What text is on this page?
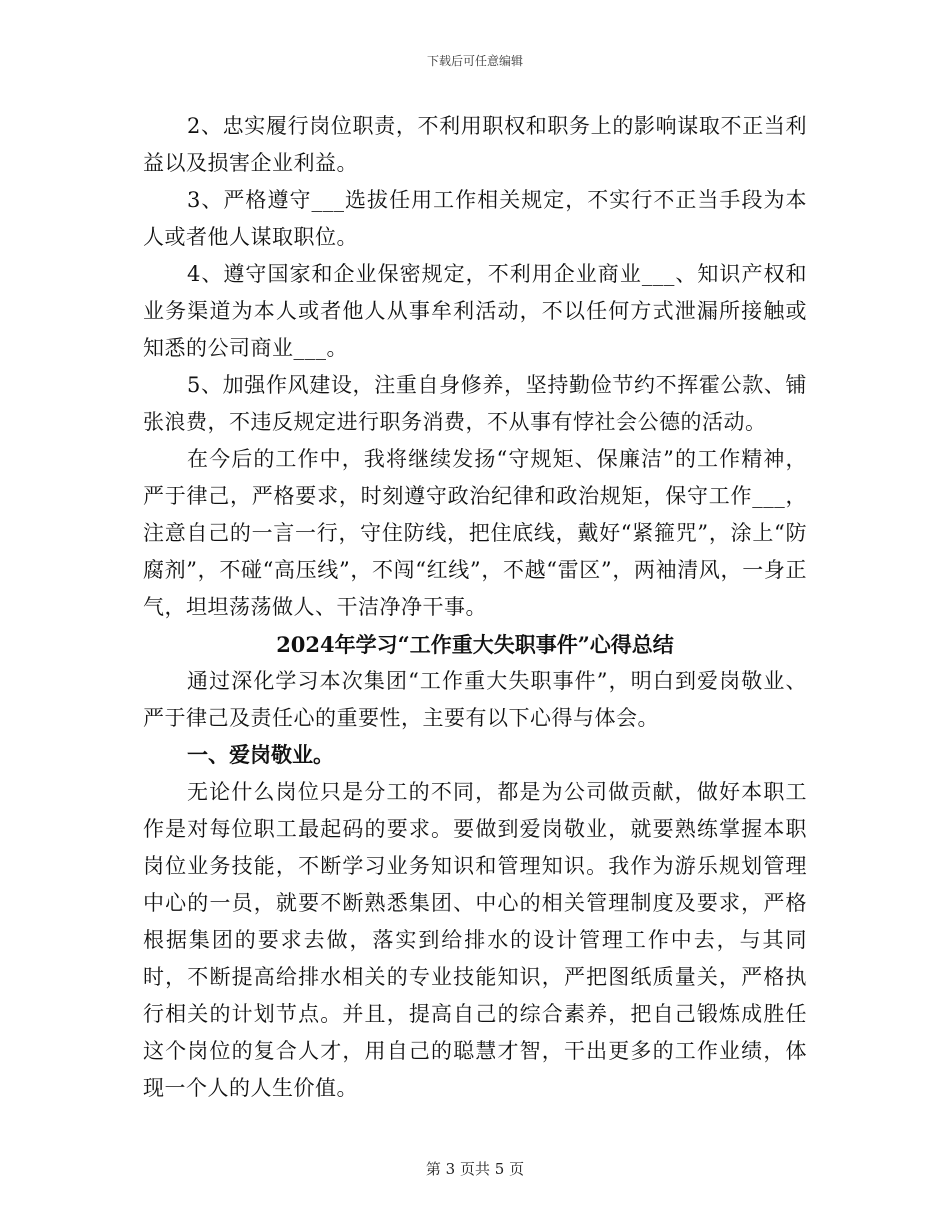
下载后可任意编辑

2、忠实履行岗位职责，不利用职权和职务上的影响谋取不正当利益以及损害企业利益。

3、严格遵守___选拔任用工作相关规定，不实行不正当手段为本人或者他人谋取职位。

4、遵守国家和企业保密规定，不利用企业商业___、知识产权和业务渠道为本人或者他人从事牟利活动，不以任何方式泄漏所接触或知悉的公司商业___。

5、加强作风建设，注重自身修养，坚持勤俭节约不挥霍公款、铺张浪费，不违反规定进行职务消费，不从事有悖社会公德的活动。

在今后的工作中，我将继续发扬“守规矩、保廉洁”的工作精神，严于律己，严格要求，时刻遵守政治纪律和政治规矩，保守工作___，注意自己的一言一行，守住防线，把住底线，戴好“紧箍咒”，涂上“防腐剂”，不碰“高压线”，不闯“红线”，不越“雷区”，两袖清风，一身正气，坦坦荡荡做人、干洁净净干事。

2024年学习“工作重大失职事件”心得总结

通过深化学习本次集团“工作重大失职事件”，明白到爱岗敬业、严于律己及责任心的重要性，主要有以下心得与体会。

一、爱岗敬业。

无论什么岗位只是分工的不同，都是为公司做贡献，做好本职工作是对每位职工最起码的要求。要做到爱岗敬业，就要熟练掌握本职岗位业务技能，不断学习业务知识和管理知识。我作为游乐规划管理中心的一员，就要不断熟悉集团、中心的相关管理制度及要求，严格根据集团的要求去做，落实到给排水的设计管理工作中去，与其同时，不断提高给排水相关的专业技能知识，严把图纸质量关，严格执行相关的计划节点。并且，提高自己的综合素养，把自己锻炼成胜任这个岗位的复合人才，用自己的聪慧才智，干出更多的工作业绩，体现一个人的人生价值。

第 3 页共 5 页
